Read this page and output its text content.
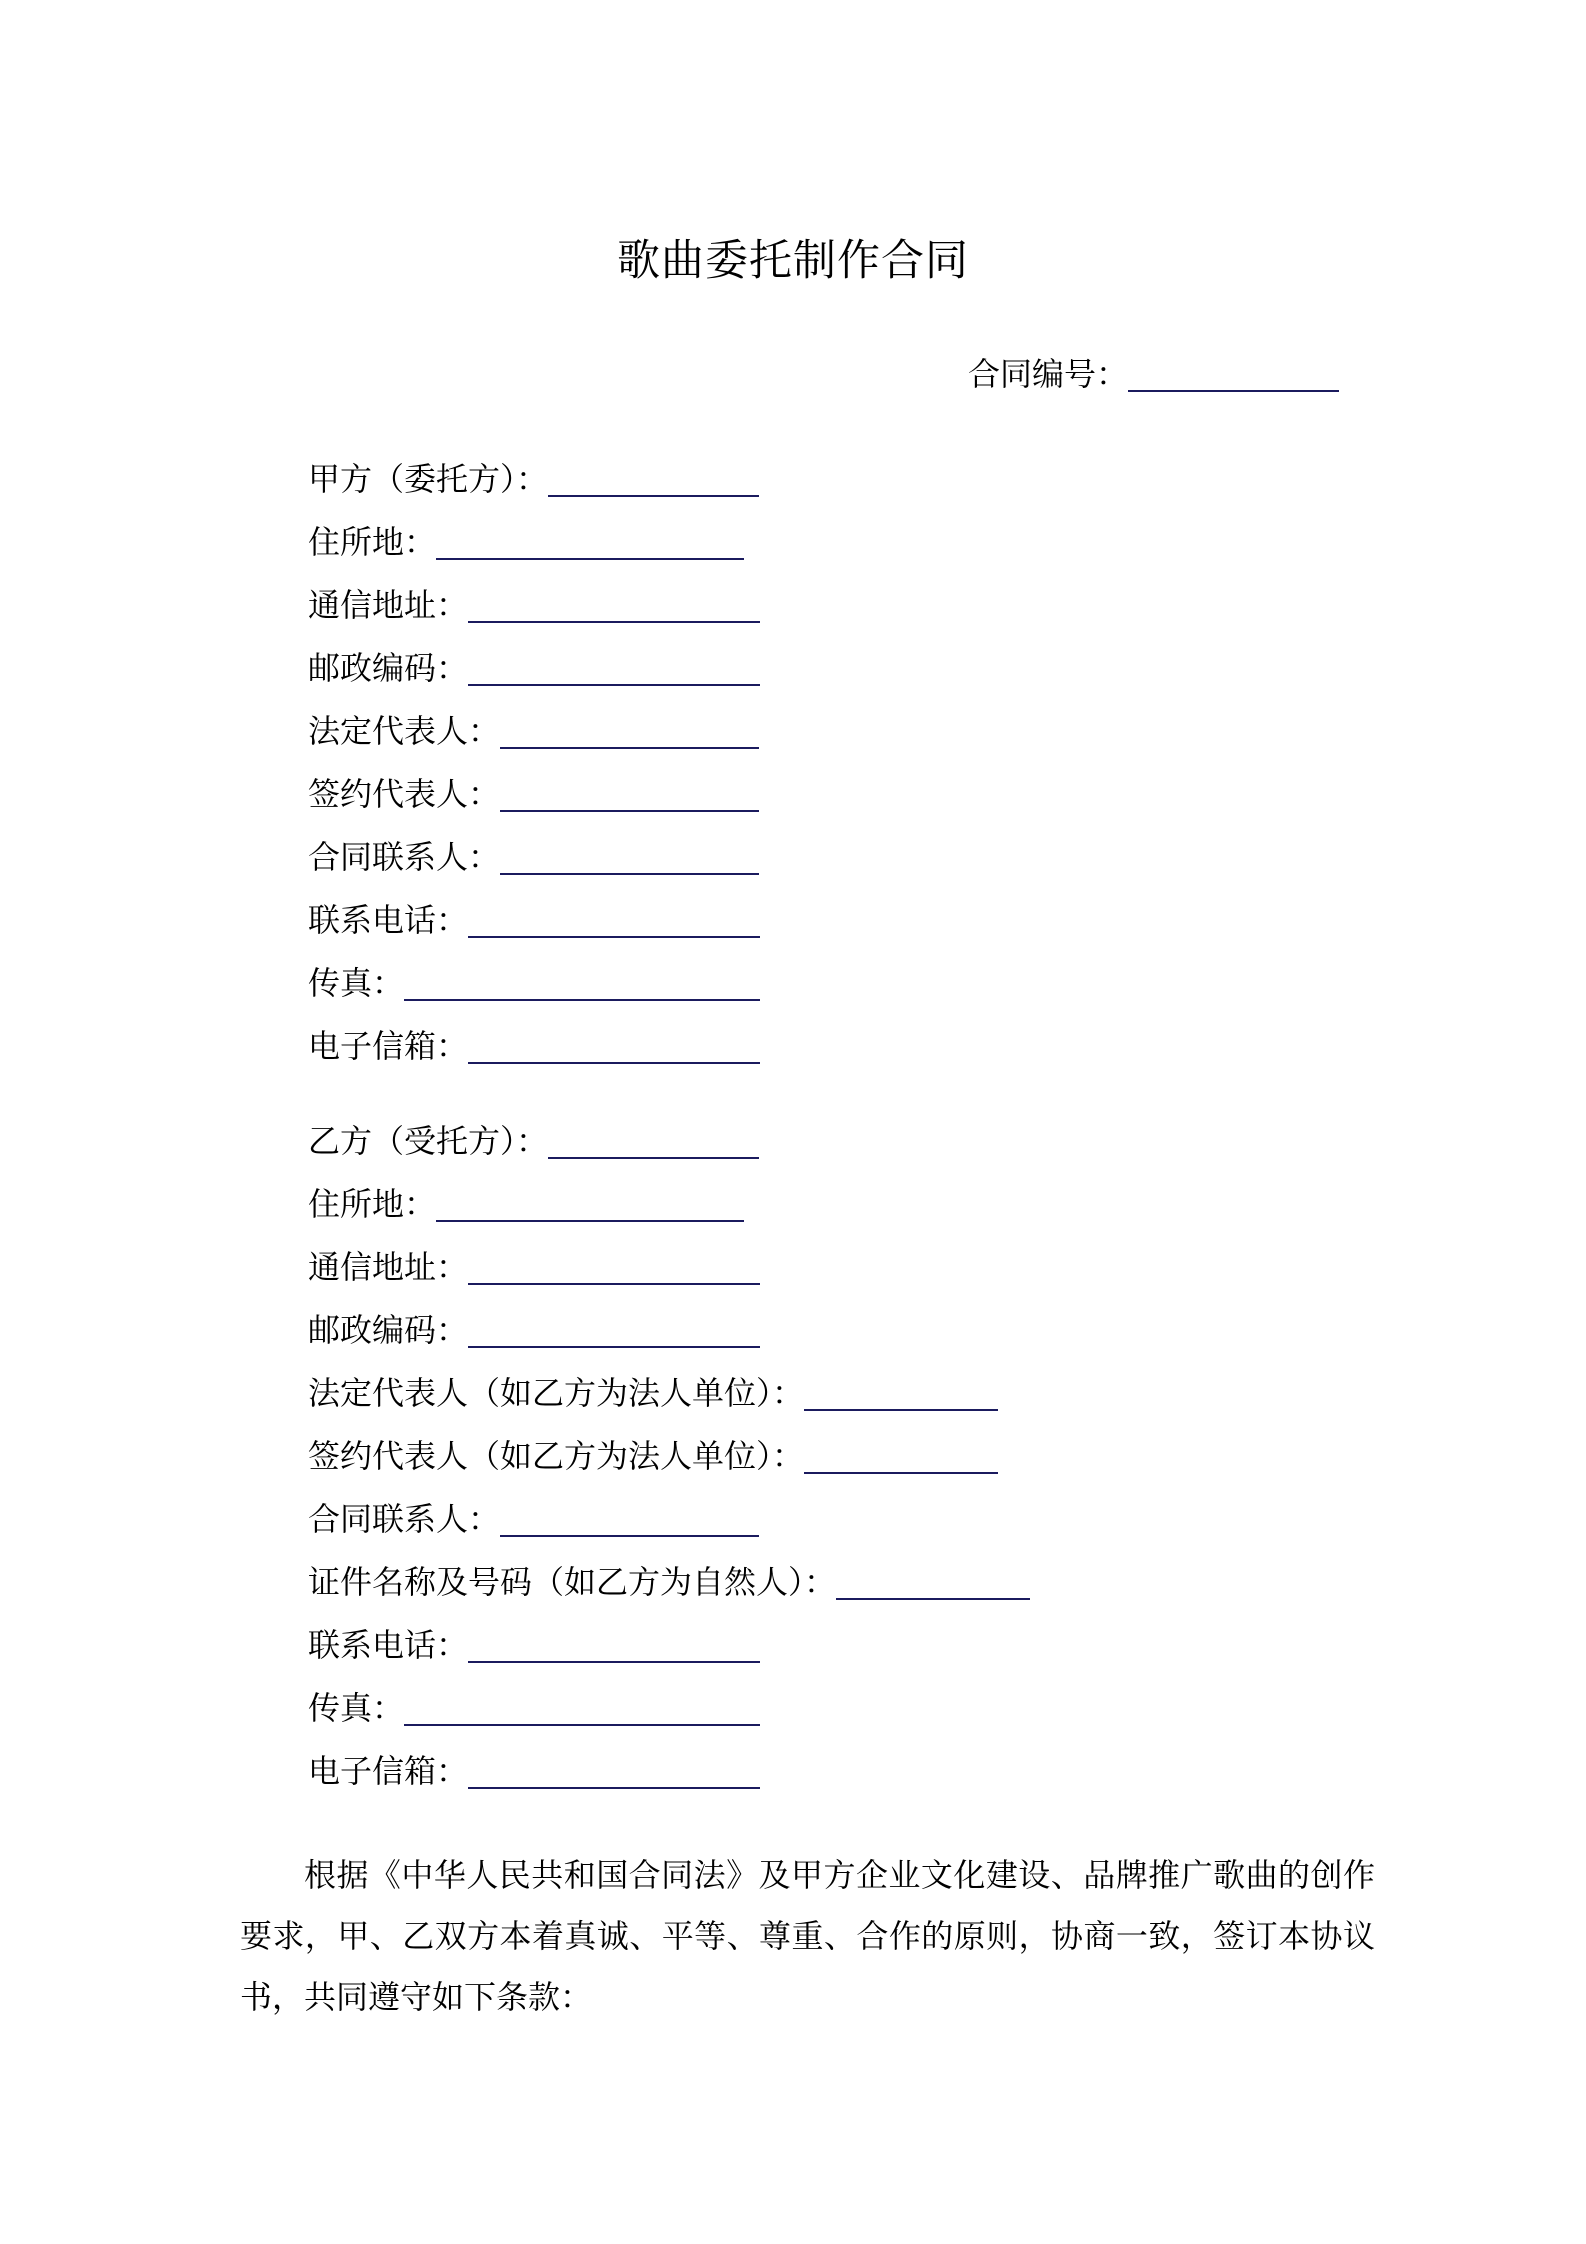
歌曲委托制作合同
合同编号：
甲方（委托方）：
住所地：
通信地址：
邮政编码：
法定代表人：
签约代表人：
合同联系人：
联系电话：
传真：
电子信箱：
乙方（受托方）：
住所地：
通信地址：
邮政编码：
法定代表人（如乙方为法人单位）：
签约代表人（如乙方为法人单位）：
合同联系人：
证件名称及号码（如乙方为自然人）：
联系电话：
传真：
电子信箱：
根据《中华人民共和国合同法》及甲方企业文化建设、品牌推广歌曲的创作要求，甲、乙双方本着真诚、平等、尊重、合作的原则，协商一致，签订本协议书，共同遵守如下条款：
